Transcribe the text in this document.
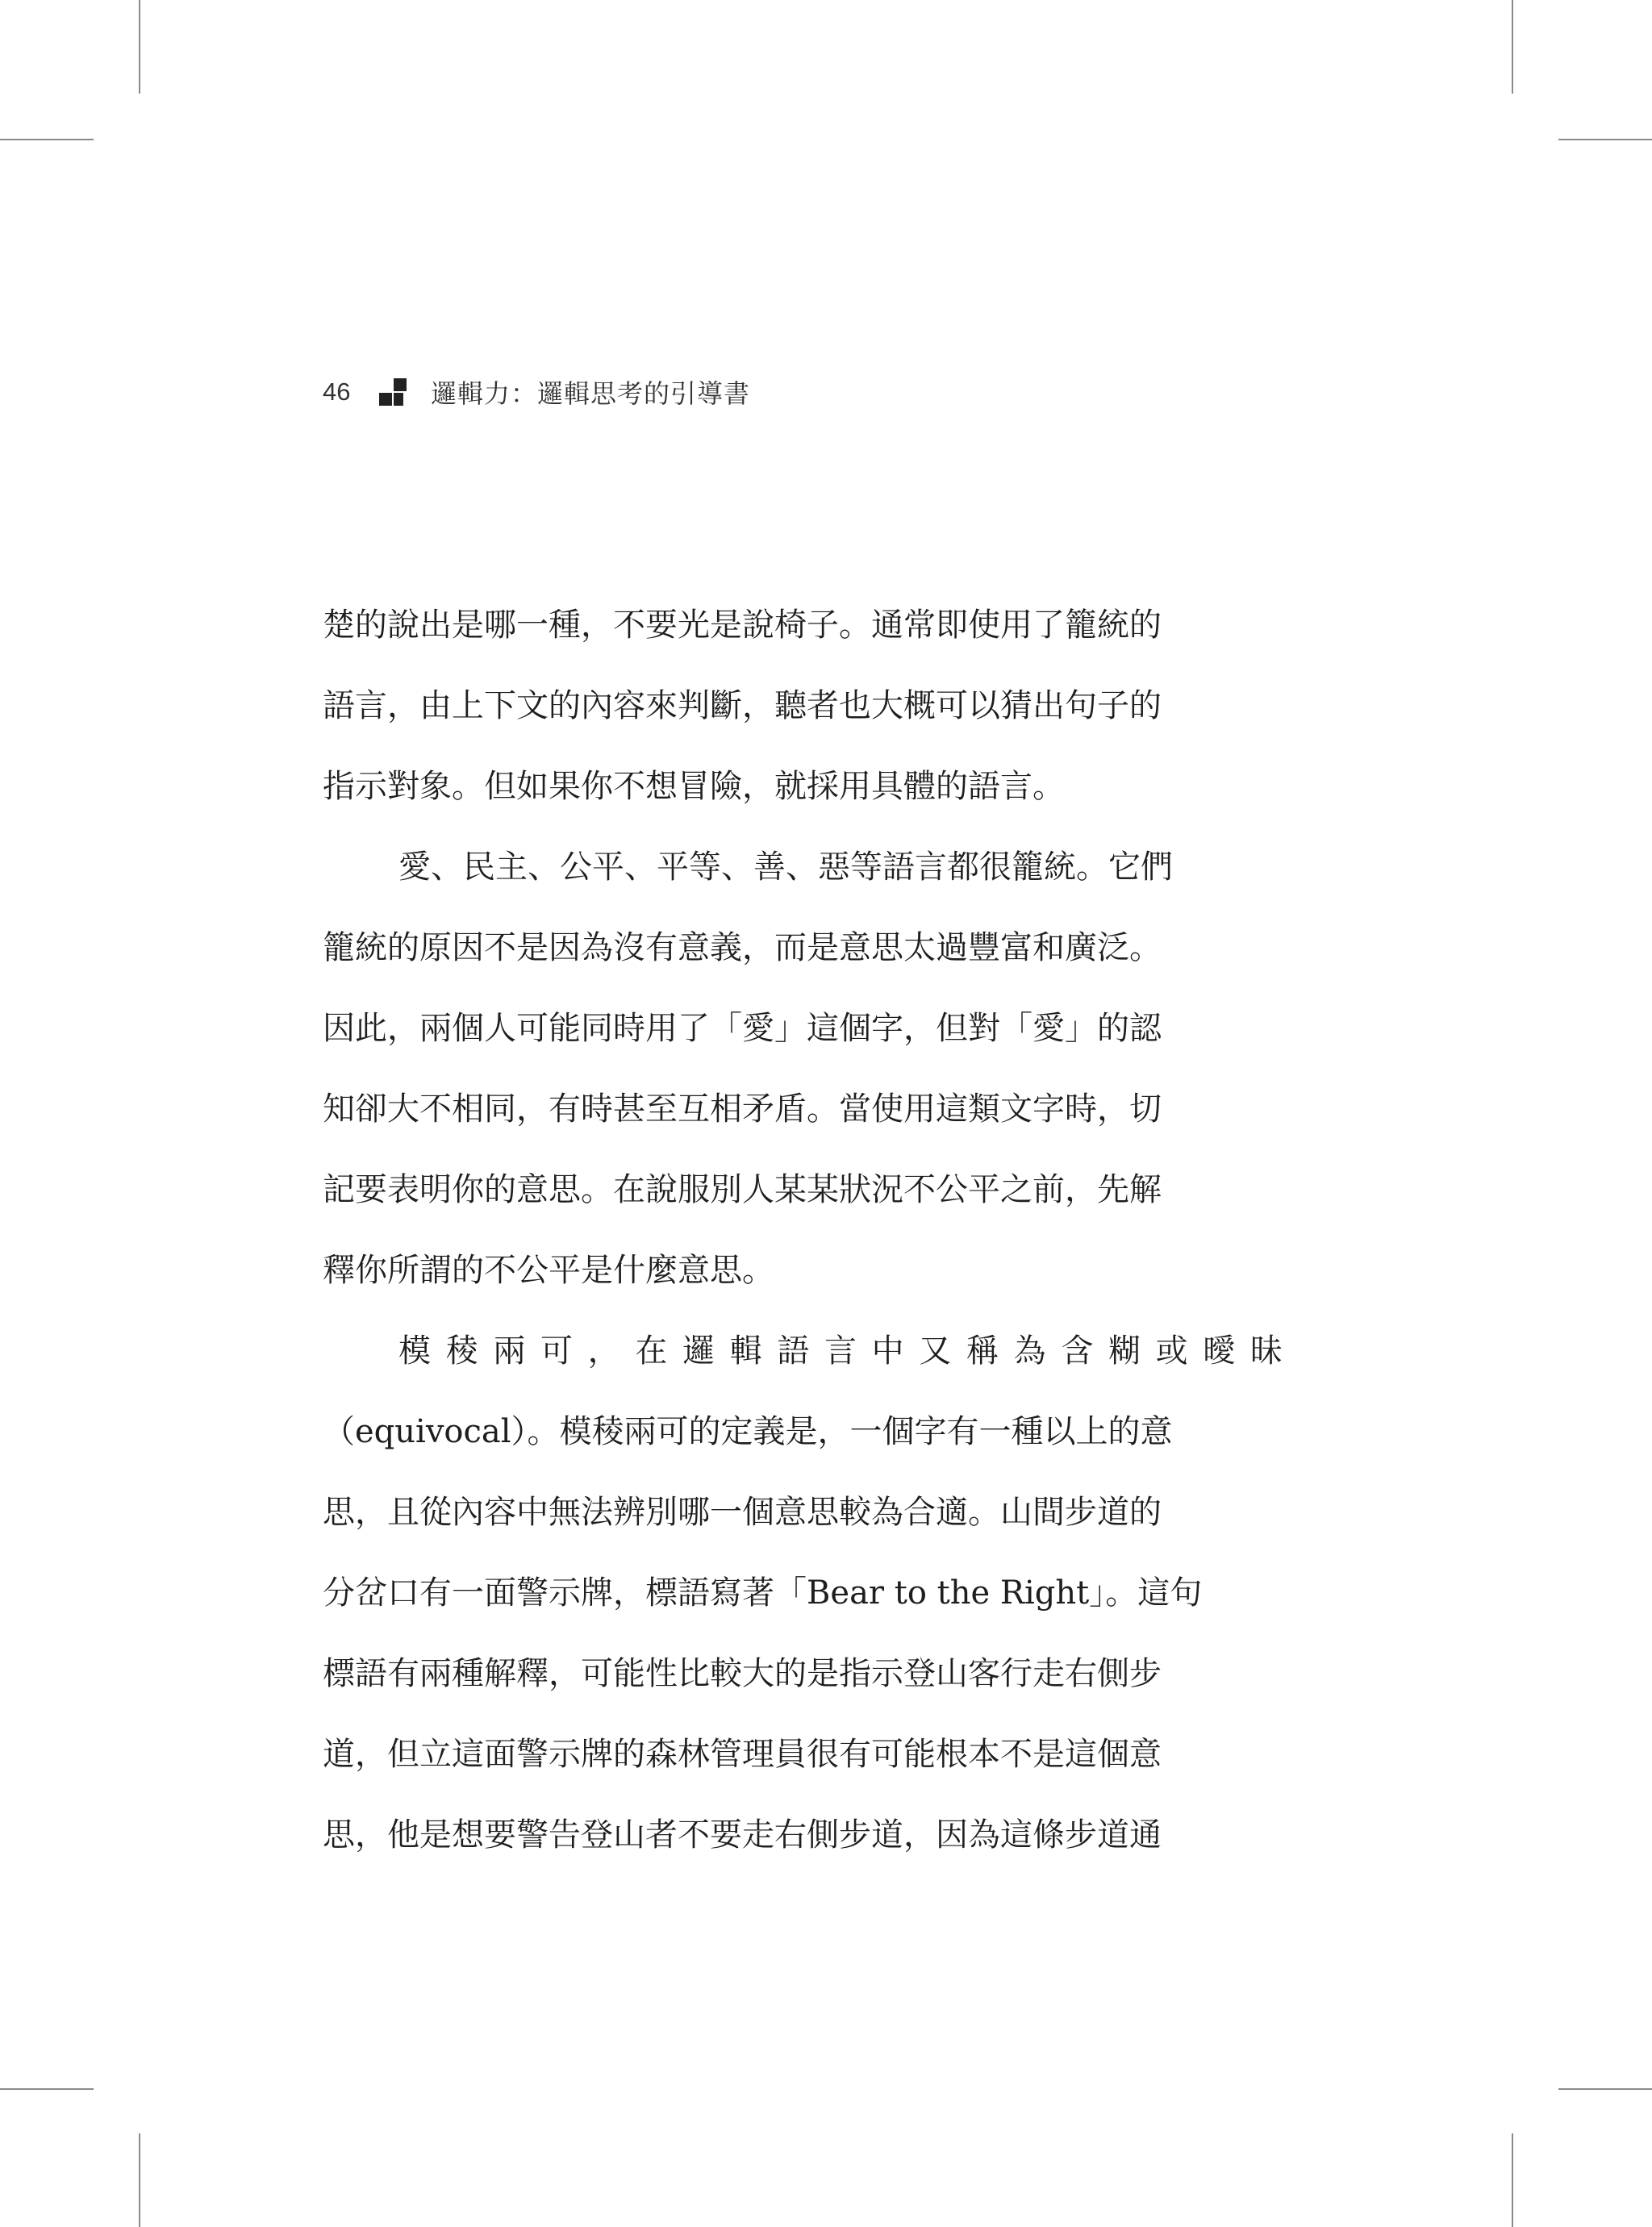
46	邏輯力：邏輯思考的引導書
楚的說出是哪一種，不要光是說椅子。通常即使用了籠統的
語言，由上下文的內容來判斷，聽者也大概可以猜出句子的
指示對象。但如果你不想冒險，就採用具體的語言。
愛、民主、公平、平等、善、惡等語言都很籠統。它們
籠統的原因不是因為沒有意義，而是意思太過豐富和廣泛。
因此，兩個人可能同時用了「愛」這個字，但對「愛」的認
知卻大不相同，有時甚至互相矛盾。當使用這類文字時，切
記要表明你的意思。在說服別人某某狀況不公平之前，先解
釋你所謂的不公平是什麼意思。
模稜兩可，在邏輯語言中又稱為含糊或曖昧
（equivocal）。模稜兩可的定義是，一個字有一種以上的意
思，且從內容中無法辨別哪一個意思較為合適。山間步道的
分岔口有一面警示牌，標語寫著「Bear to the Right」。這句
標語有兩種解釋，可能性比較大的是指示登山客行走右側步
道，但立這面警示牌的森林管理員很有可能根本不是這個意
思，他是想要警告登山者不要走右側步道，因為這條步道通
